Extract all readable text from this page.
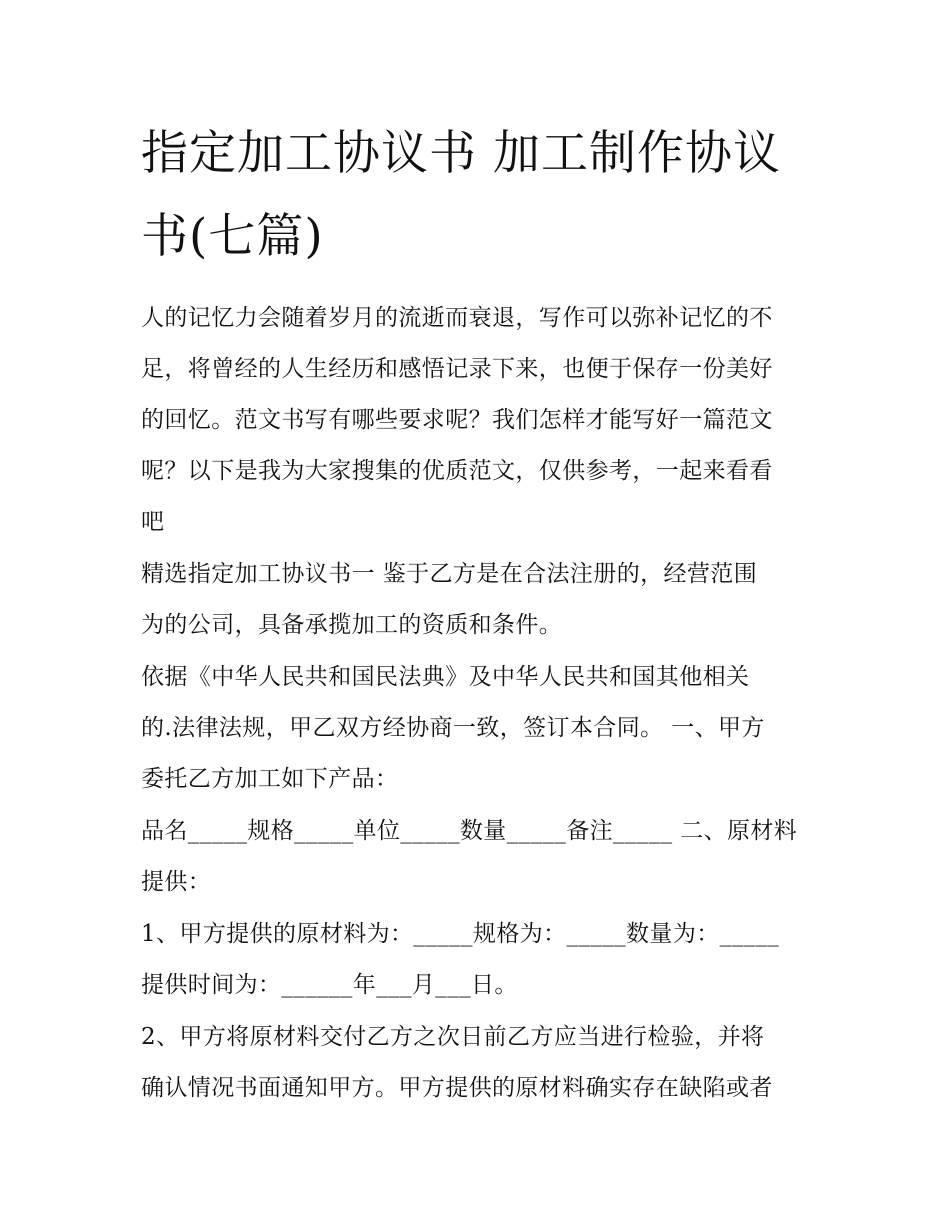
指定加工协议书 加工制作协议
书(七篇)

人的记忆力会随着岁月的流逝而衰退，写作可以弥补记忆的不
足，将曾经的人生经历和感悟记录下来，也便于保存一份美好
的回忆。范文书写有哪些要求呢？我们怎样才能写好一篇范文
呢？以下是我为大家搜集的优质范文，仅供参考，一起来看看
吧

精选指定加工协议书一 鉴于乙方是在合法注册的，经营范围
为的公司，具备承揽加工的资质和条件。

依据《中华人民共和国民法典》及中华人民共和国其他相关
的.法律法规，甲乙双方经协商一致，签订本合同。 一、甲方
委托乙方加工如下产品：

品名_____规格_____单位_____数量_____备注_____ 二、原材料
提供：

1、甲方提供的原材料为：_____规格为：_____数量为：_____
提供时间为：______年___月___日。

2、甲方将原材料交付乙方之次日前乙方应当进行检验，并将
确认情况书面通知甲方。甲方提供的原材料确实存在缺陷或者
